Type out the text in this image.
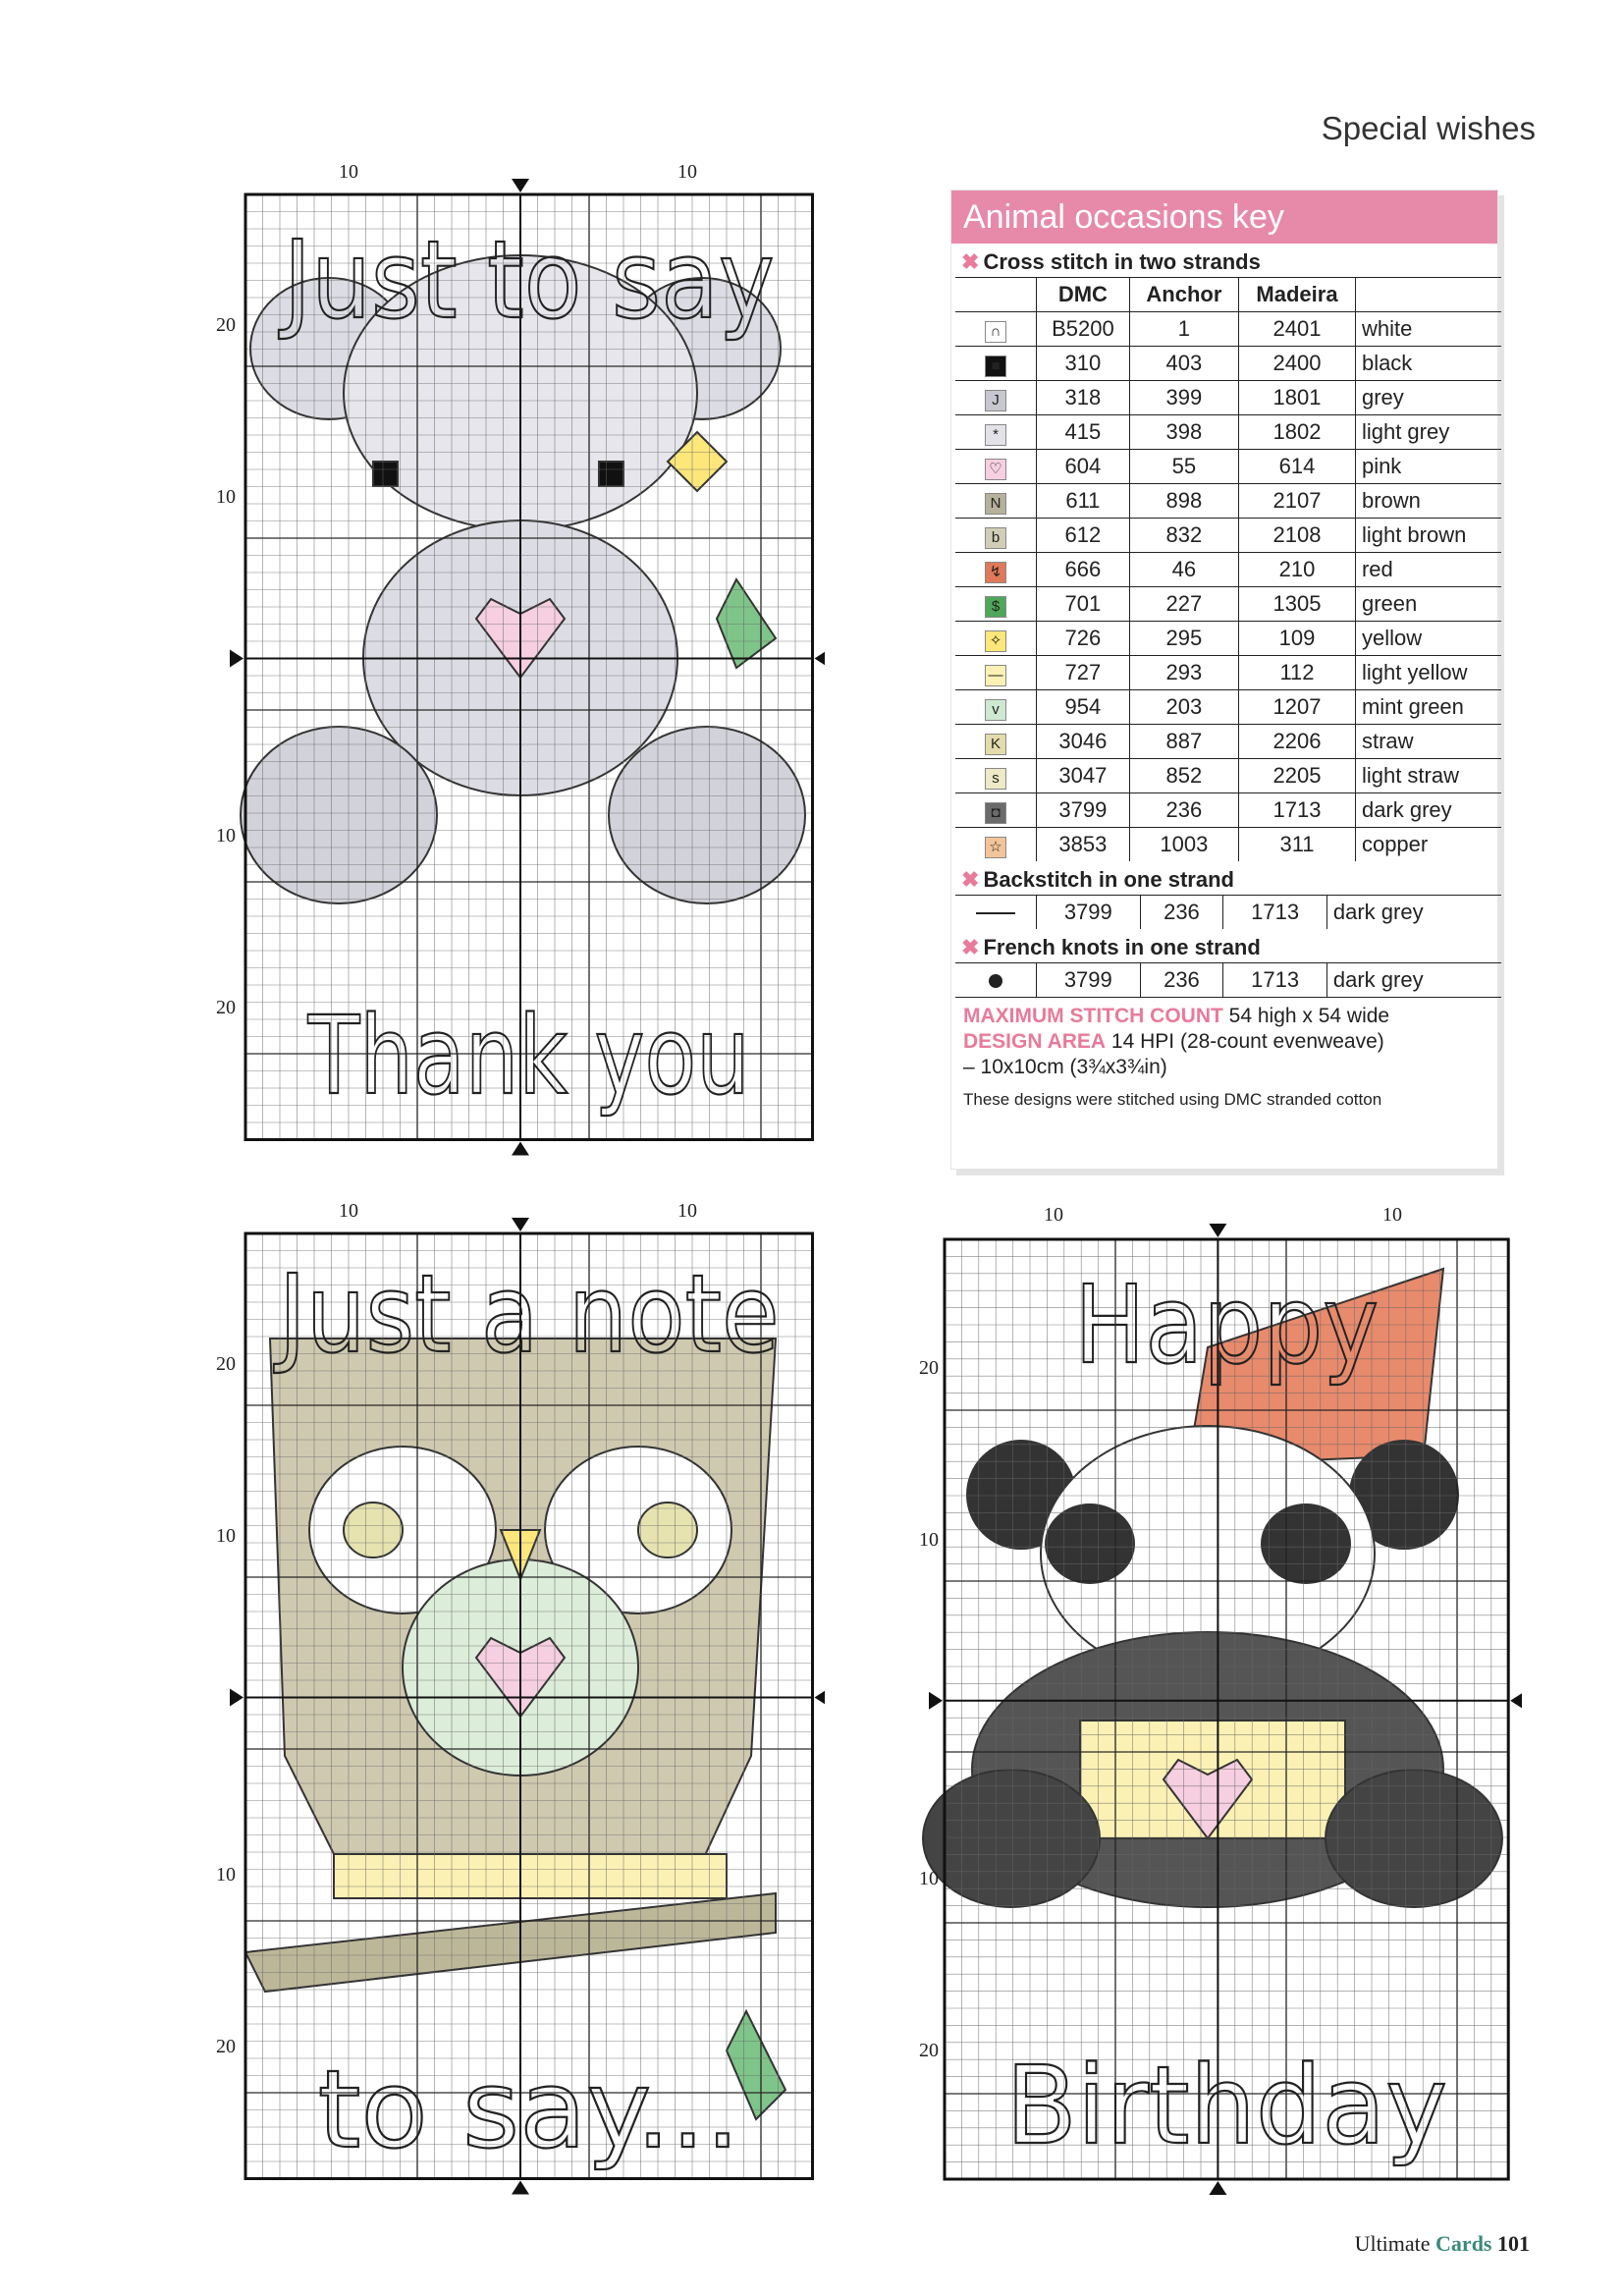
Special wishes
Just to say
Thank you
10	10
20
10
10
20
Just a note
to say...
10	10
20
10
10
20
Happy
Birthday
10	10
20
10
10
20
Animal occasions key
✖ Cross stitch in two strands
	DMC	Anchor	Madeira	
∩	B5200	1	2401	white
■	310	403	2400	black
J	318	399	1801	grey
*	415	398	1802	light grey
♡	604	55	614	pink
N	611	898	2107	brown
b	612	832	2108	light brown
↯	666	46	210	red
$	701	227	1305	green
✧	726	295	109	yellow
—	727	293	112	light yellow
v	954	203	1207	mint green
K	3046	887	2206	straw
s	3047	852	2205	light straw
◘	3799	236	1713	dark grey
☆	3853	1003	311	copper
✖ Backstitch in one strand
	3799	236	1713	dark grey
✖ French knots in one strand
	3799	236	1713	dark grey
MAXIMUM STITCH COUNT 54 high x 54 wide
DESIGN AREA 14 HPI (28-count evenweave)
– 10x10cm (3¾x3¾in)
These designs were stitched using DMC stranded cotton
Ultimate Cards 101
